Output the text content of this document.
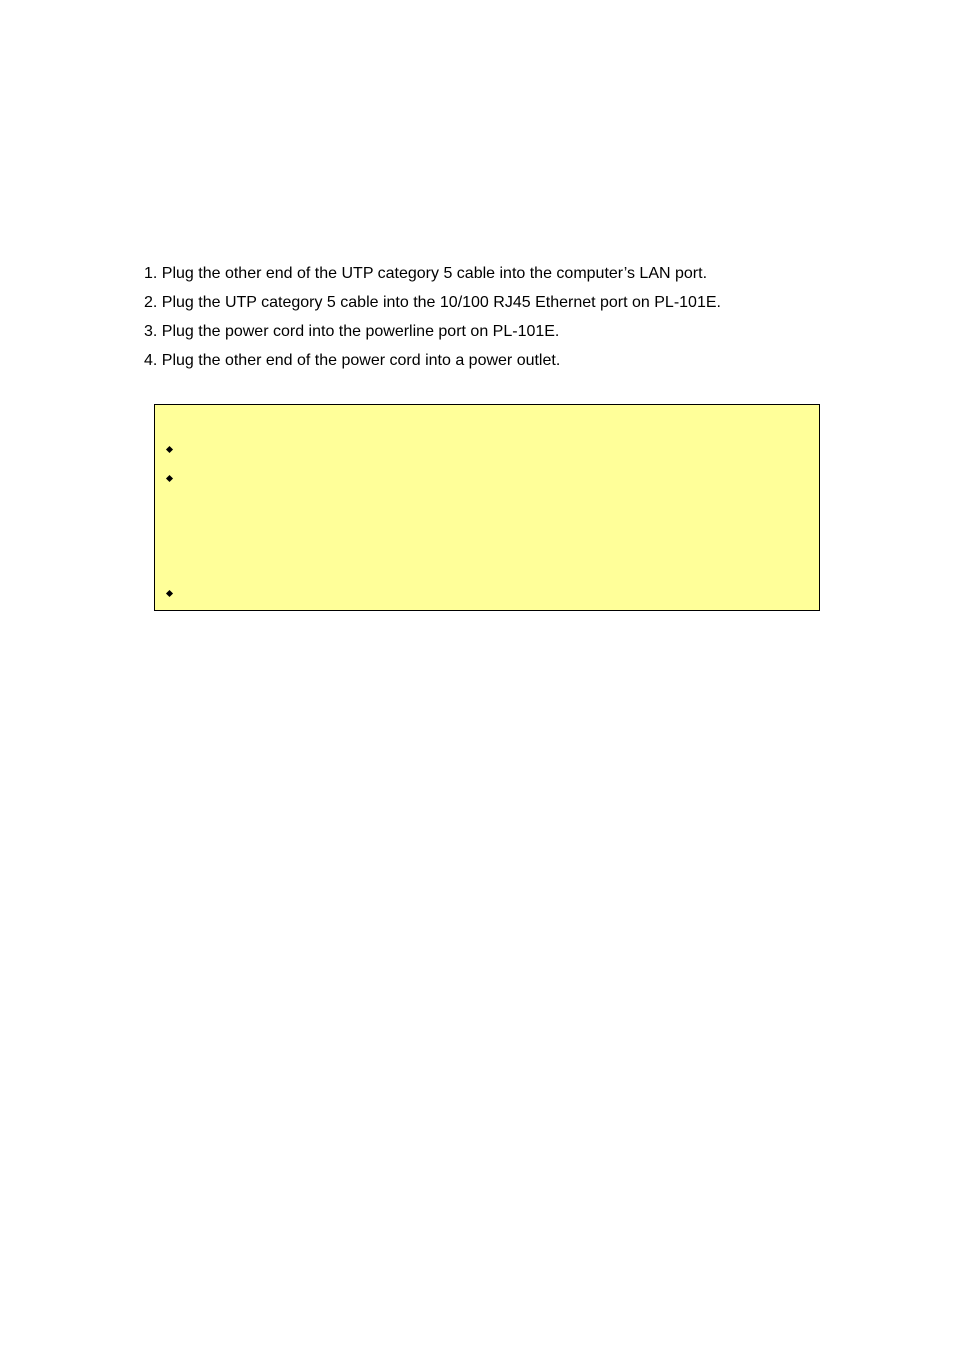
1. Plug the other end of the UTP category 5 cable into the computer’s LAN port.
2. Plug the UTP category 5 cable into the 10/100 RJ45 Ethernet port on PL-101E.
3. Plug the power cord into the powerline port on PL-101E.
4. Plug the other end of the power cord into a power outlet.
